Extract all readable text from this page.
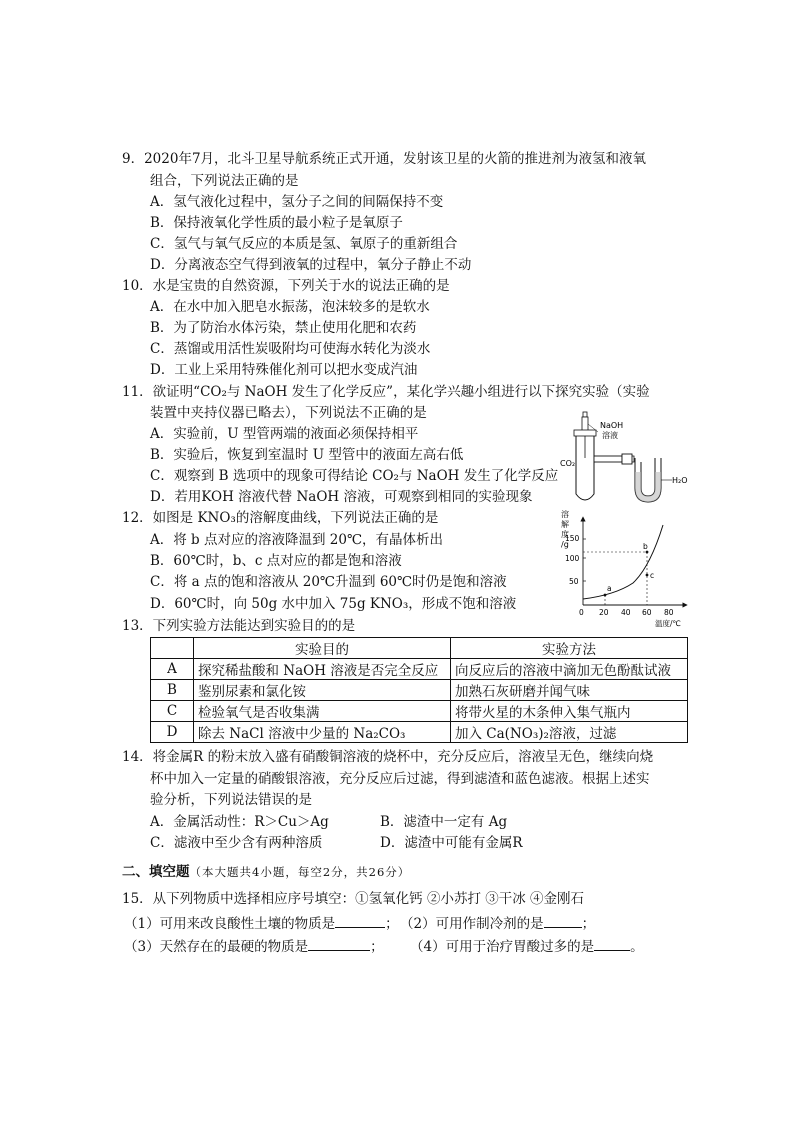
9．2020年7月，北斗卫星导航系统正式开通，发射该卫星的火箭的推进剂为液氢和液氧
组合，下列说法正确的是
A．氢气液化过程中，氢分子之间的间隔保持不变
B．保持液氧化学性质的最小粒子是氧原子
C．氢气与氧气反应的本质是氢、氧原子的重新组合
D．分离液态空气得到液氧的过程中，氧分子静止不动
10．水是宝贵的自然资源，下列关于水的说法正确的是
A．在水中加入肥皂水振荡，泡沫较多的是软水
B．为了防治水体污染，禁止使用化肥和农药
C．蒸馏或用活性炭吸附均可使海水转化为淡水
D．工业上采用特殊催化剂可以把水变成汽油
11．欲证明“CO₂与 NaOH 发生了化学反应”，某化学兴趣小组进行以下探究实验（实验
装置中夹持仪器已略去），下列说法不正确的是
A．实验前，U 型管两端的液面必须保持相平
B．实验后，恢复到室温时 U 型管中的液面左高右低
C．观察到 B 选项中的现象可得结论 CO₂与 NaOH 发生了化学反应
D．若用KOH 溶液代替 NaOH 溶液，可观察到相同的实验现象
NaOH
溶液
CO₂
H₂O
12．如图是 KNO₃的溶解度曲线，下列说法正确的是
A．将 b 点对应的溶液降温到 20℃，有晶体析出
B．60℃时，b、c 点对应的都是饱和溶液
C．将 a 点的饱和溶液从 20℃升温到 60℃时仍是饱和溶液
D．60℃时，向 50g 水中加入 75g KNO₃，形成不饱和溶液
溶
解
度
/g
150
100
50
0 20 40 60 80
温度/℃
a
b
c
13．下列实验方法能达到实验目的的是
	实验目的	实验方法
A	探究稀盐酸和 NaOH 溶液是否完全反应	向反应后的溶液中滴加无色酚酞试液
B	鉴别尿素和氯化铵	加熟石灰研磨并闻气味
C	检验氧气是否收集满	将带火星的木条伸入集气瓶内
D	除去 NaCl 溶液中少量的 Na₂CO₃	加入 Ca(NO₃)₂溶液，过滤
14．将金属R 的粉末放入盛有硝酸铜溶液的烧杯中，充分反应后，溶液呈无色，继续向烧
杯中加入一定量的硝酸银溶液，充分反应后过滤，得到滤渣和蓝色滤液。根据上述实
验分析，下列说法错误的是
A．金属活动性：R＞Cu＞Ag	B．滤渣中一定有 Ag
C．滤液中至少含有两种溶质	D．滤渣中可能有金属R
二、填空题（本大题共4小题，每空2分，共26分）
15．从下列物质中选择相应序号填空：①氢氧化钙 ②小苏打 ③干冰 ④金刚石
（1）可用来改良酸性土壤的物质是	； （2）可用作制冷剂的是	；
（3）天然存在的最硬的物质是	； （4）可用于治疗胃酸过多的是	。
